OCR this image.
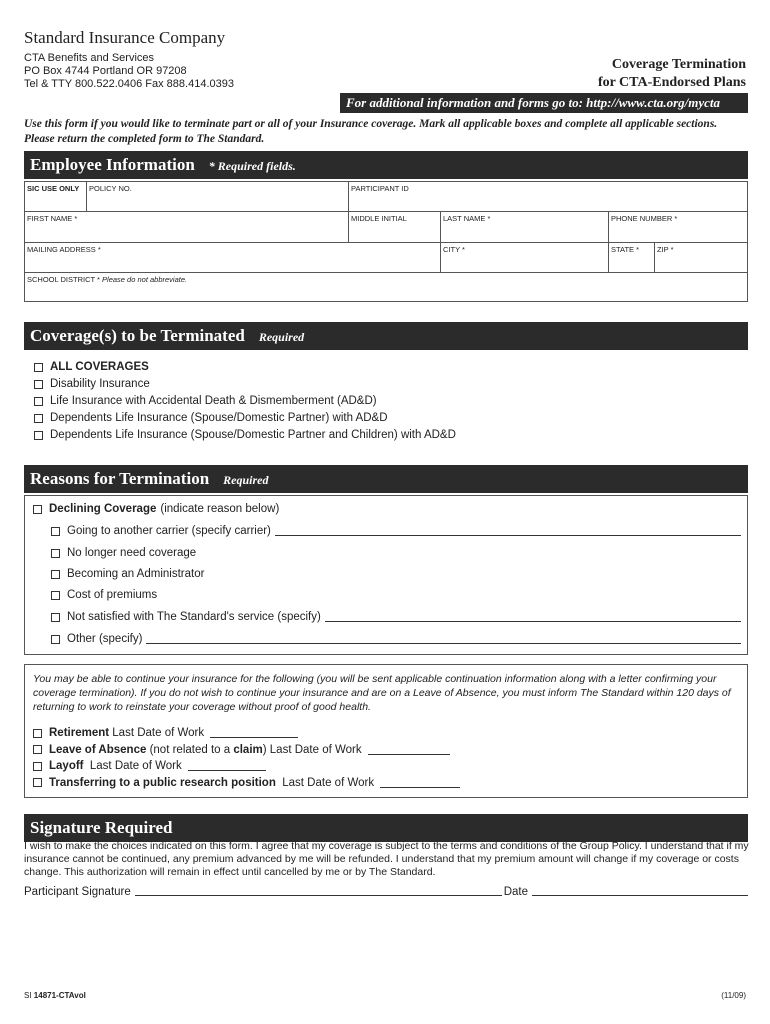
Standard Insurance Company
CTA Benefits and Services
PO Box 4744 Portland OR 97208
Tel & TTY 800.522.0406 Fax 888.414.0393
Coverage Termination
for CTA-Endorsed Plans
For additional information and forms go to: http://www.cta.org/mycta
Use this form if you would like to terminate part or all of your Insurance coverage. Mark all applicable boxes and complete all applicable sections. Please return the completed form to The Standard.
Employee Information * Required fields.
SIC USE ONLY	POLICY NO.	PARTICIPANT ID
FIRST NAME *	MIDDLE INITIAL	LAST NAME *	PHONE NUMBER *
MAILING ADDRESS *	CITY *	STATE *	ZIP *
SCHOOL DISTRICT * Please do not abbreviate.
Coverage(s) to be Terminated Required
ALL COVERAGES
Disability Insurance
Life Insurance with Accidental Death & Dismemberment (AD&D)
Dependents Life Insurance (Spouse/Domestic Partner) with AD&D
Dependents Life Insurance (Spouse/Domestic Partner and Children) with AD&D
Reasons for Termination Required
Declining Coverage (indicate reason below)
Going to another carrier (specify carrier)
No longer need coverage
Becoming an Administrator
Cost of premiums
Not satisfied with The Standard's service (specify)
Other (specify)
You may be able to continue your insurance for the following (you will be sent applicable continuation information along with a letter confirming your coverage termination). If you do not wish to continue your insurance and are on a Leave of Absence, you must inform The Standard within 120 days of returning to work to reinstate your coverage without proof of good health.
Retirement
Last Date of Work
Leave of Absence
(not related to a
claim ) Last Date of Work
Layoff
Last Date of Work
Transferring to a public research position
Last Date of Work
Signature Required
I wish to make the choices indicated on this form. I agree that my coverage is subject to the terms and conditions of the Group Policy. I understand that if my insurance cannot be continued, any premium advanced by me will be refunded. I understand that my premium amount will change if my coverage or costs change. This authorization will remain in effect until cancelled by me or by The Standard.
Participant Signature	Date
SI 14871-CTAvol	(11/09)
